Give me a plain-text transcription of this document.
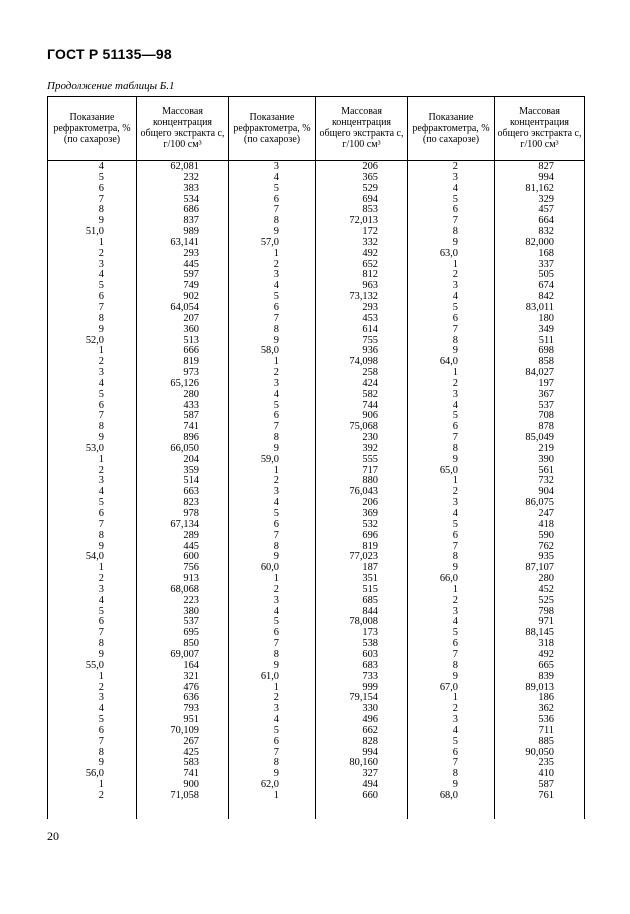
ГОСТ Р 51135—98
Продолжение таблицы Б.1
Показание рефрактометра, % (по сахарозе)
Массовая концентрация общего экстракта c, г/100 см³
Показание рефрактометра, % (по сахарозе)
Массовая концентрация общего экстракта c, г/100 см³
Показание рефрактометра, % (по сахарозе)
Массовая концентрация общего экстракта c, г/100 см³
4
5
6
7
8
9
51,0
1
2
3
4
5
6
7
8
9
52,0
1
2
3
4
5
6
7
8
9
53,0
1
2
3
4
5
6
7
8
9
54,0
1
2
3
4
5
6
7
8
9
55,0
1
2
3
4
5
6
7
8
9
56,0
1
2
62,081
232
383
534
686
837
989
63,141
293
445
597
749
902
64,054
207
360
513
666
819
973
65,126
280
433
587
741
896
66,050
204
359
514
663
823
978
67,134
289
445
600
756
913
68,068
223
380
537
695
850
69,007
164
321
476
636
793
951
70,109
267
425
583
741
900
71,058
3
4
5
6
7
8
9
57,0
1
2
3
4
5
6
7
8
9
58,0
1
2
3
4
5
6
7
8
9
59,0
1
2
3
4
5
6
7
8
9
60,0
1
2
3
4
5
6
7
8
9
61,0
1
2
3
4
5
6
7
8
9
62,0
1
206
365
529
694
853
72,013
172
332
492
652
812
963
73,132
293
453
614
755
936
74,098
258
424
582
744
906
75,068
230
392
555
717
880
76,043
206
369
532
696
819
77,023
187
351
515
685
844
78,008
173
538
603
683
733
999
79,154
330
496
662
828
994
80,160
327
494
660
2
3
4
5
6
7
8
9
63,0
1
2
3
4
5
6
7
8
9
64,0
1
2
3
4
5
6
7
8
9
65,0
1
2
3
4
5
6
7
8
9
66,0
1
2
3
4
5
6
7
8
9
67,0
1
2
3
4
5
6
7
8
9
68,0
827
994
81,162
329
457
664
832
82,000
168
337
505
674
842
83,011
180
349
511
698
858
84,027
197
367
537
708
878
85,049
219
390
561
732
904
86,075
247
418
590
762
935
87,107
280
452
525
798
971
88,145
318
492
665
839
89,013
186
362
536
711
885
90,050
235
410
587
761
20
